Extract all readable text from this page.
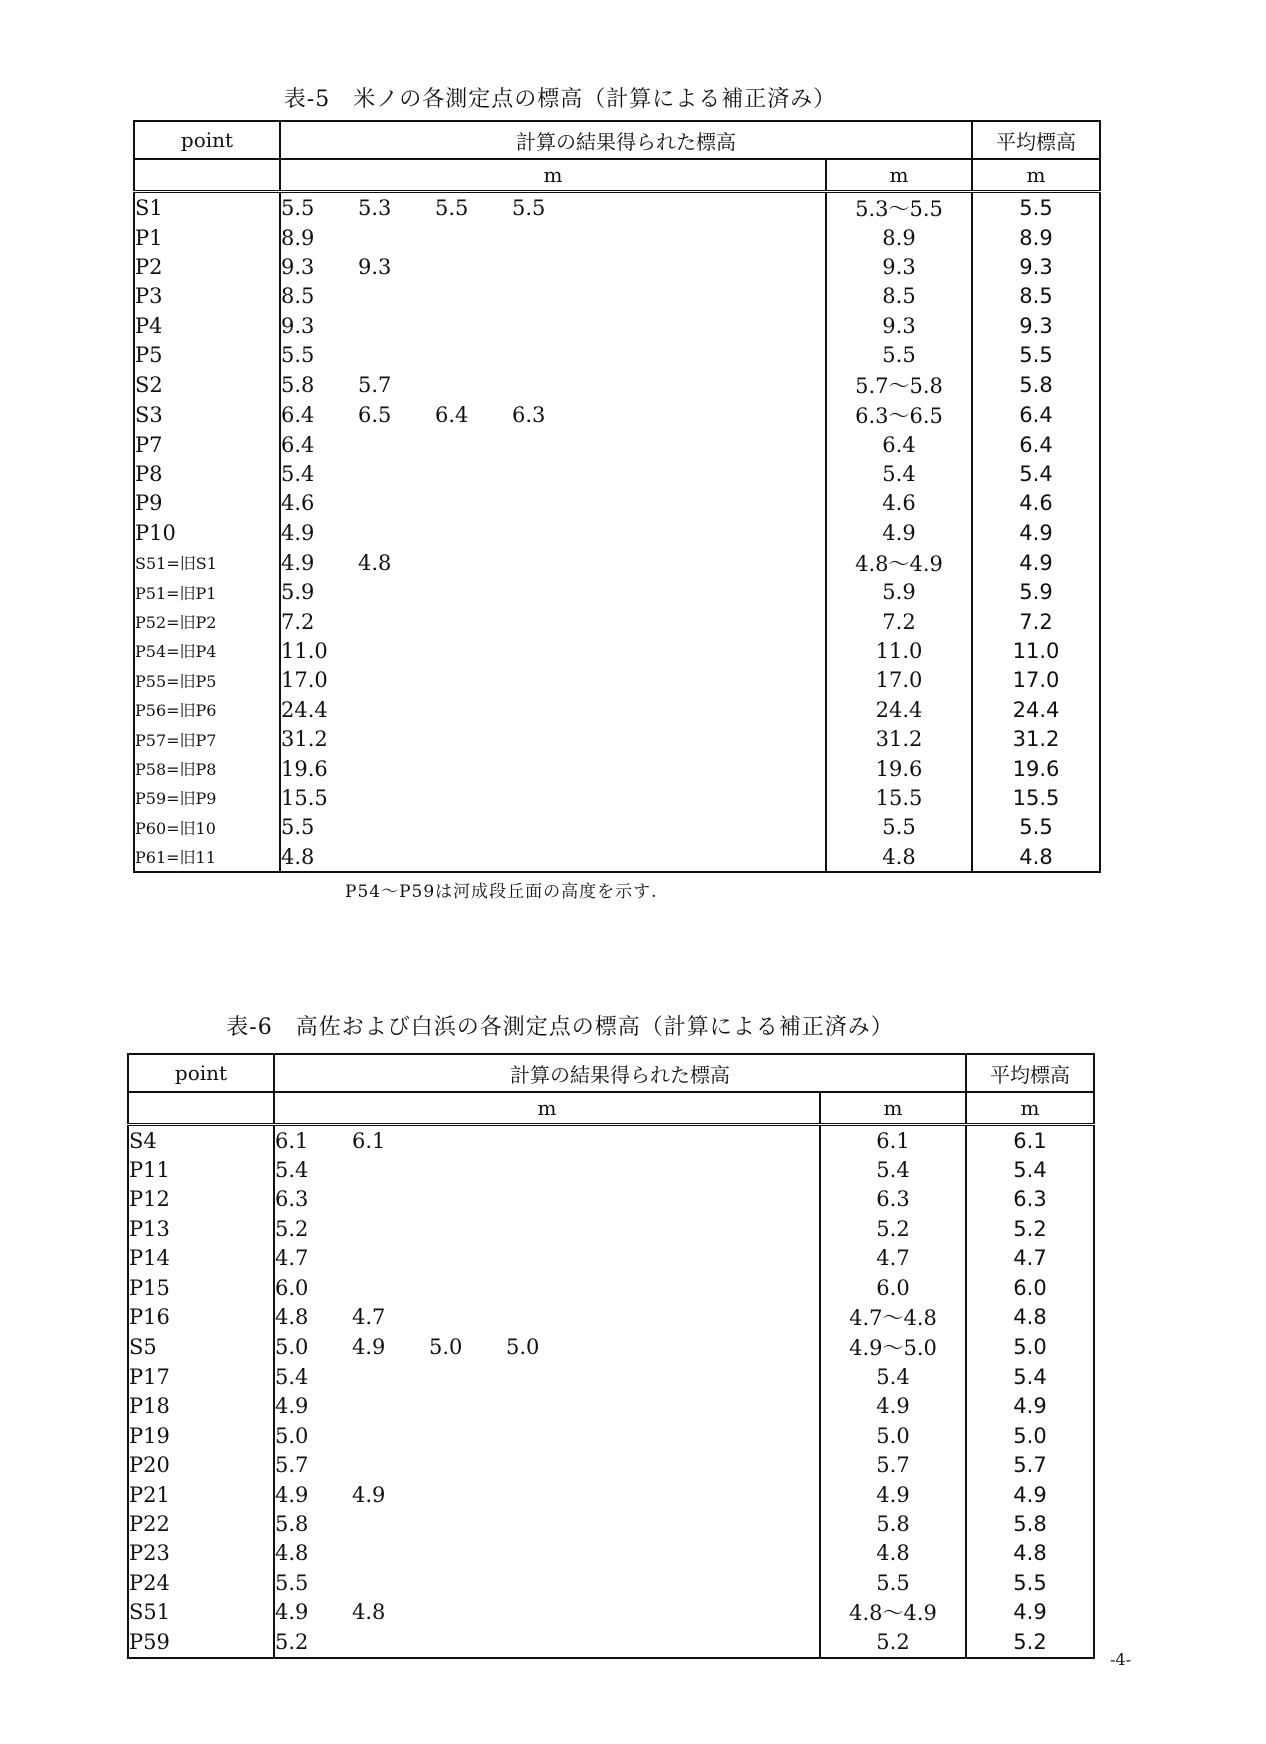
表-5　米ノの各測定点の標高（計算による補正済み）
point	計算の結果得られた標高		平均標高
	m	m	m
S1	5.5 5.3 5.5 5.5	5.3～5.5	5.5
P1	8.9	8.9	8.9
P2	9.3 9.3	9.3	9.3
P3	8.5	8.5	8.5
P4	9.3	9.3	9.3
P5	5.5	5.5	5.5
S2	5.8 5.7	5.7～5.8	5.8
S3	6.4 6.5 6.4 6.3	6.3～6.5	6.4
P7	6.4	6.4	6.4
P8	5.4	5.4	5.4
P9	4.6	4.6	4.6
P10	4.9	4.9	4.9
S51=旧S1	4.9 4.8	4.8～4.9	4.9
P51=旧P1	5.9	5.9	5.9
P52=旧P2	7.2	7.2	7.2
P54=旧P4	11.0	11.0	11.0
P55=旧P5	17.0	17.0	17.0
P56=旧P6	24.4	24.4	24.4
P57=旧P7	31.2	31.2	31.2
P58=旧P8	19.6	19.6	19.6
P59=旧P9	15.5	15.5	15.5
P60=旧10	5.5	5.5	5.5
P61=旧11	4.8	4.8	4.8
P54～P59は河成段丘面の高度を示す.
表-6　高佐および白浜の各測定点の標高（計算による補正済み）
point	計算の結果得られた標高		平均標高
	m	m	m
S4	6.1 6.1	6.1	6.1
P11	5.4	5.4	5.4
P12	6.3	6.3	6.3
P13	5.2	5.2	5.2
P14	4.7	4.7	4.7
P15	6.0	6.0	6.0
P16	4.8 4.7	4.7～4.8	4.8
S5	5.0 4.9 5.0 5.0	4.9～5.0	5.0
P17	5.4	5.4	5.4
P18	4.9	4.9	4.9
P19	5.0	5.0	5.0
P20	5.7	5.7	5.7
P21	4.9 4.9	4.9	4.9
P22	5.8	5.8	5.8
P23	4.8	4.8	4.8
P24	5.5	5.5	5.5
S51	4.9 4.8	4.8～4.9	4.9
P59	5.2	5.2	5.2
-4-
